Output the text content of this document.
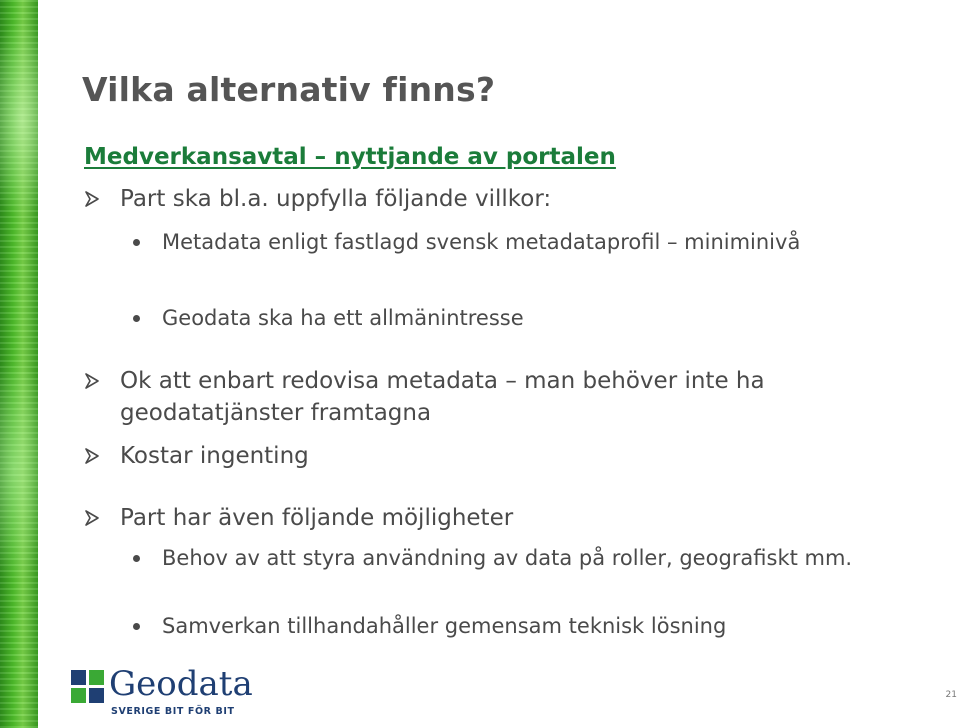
Vilka alternativ finns?
Medverkansavtal – nyttjande av portalen
Part ska bl.a. uppfylla följande villkor:
Metadata enligt fastlagd svensk metadataprofil – miniminivå
Geodata ska ha ett allmänintresse
Ok att enbart redovisa metadata – man behöver inte ha geodatatjänster framtagna
Kostar ingenting
Part har även följande möjligheter
Behov av att styra användning av data på roller, geografiskt mm.
Samverkan tillhandahåller gemensam teknisk lösning
Geodata
SVERIGE BIT FÖR BIT
21
